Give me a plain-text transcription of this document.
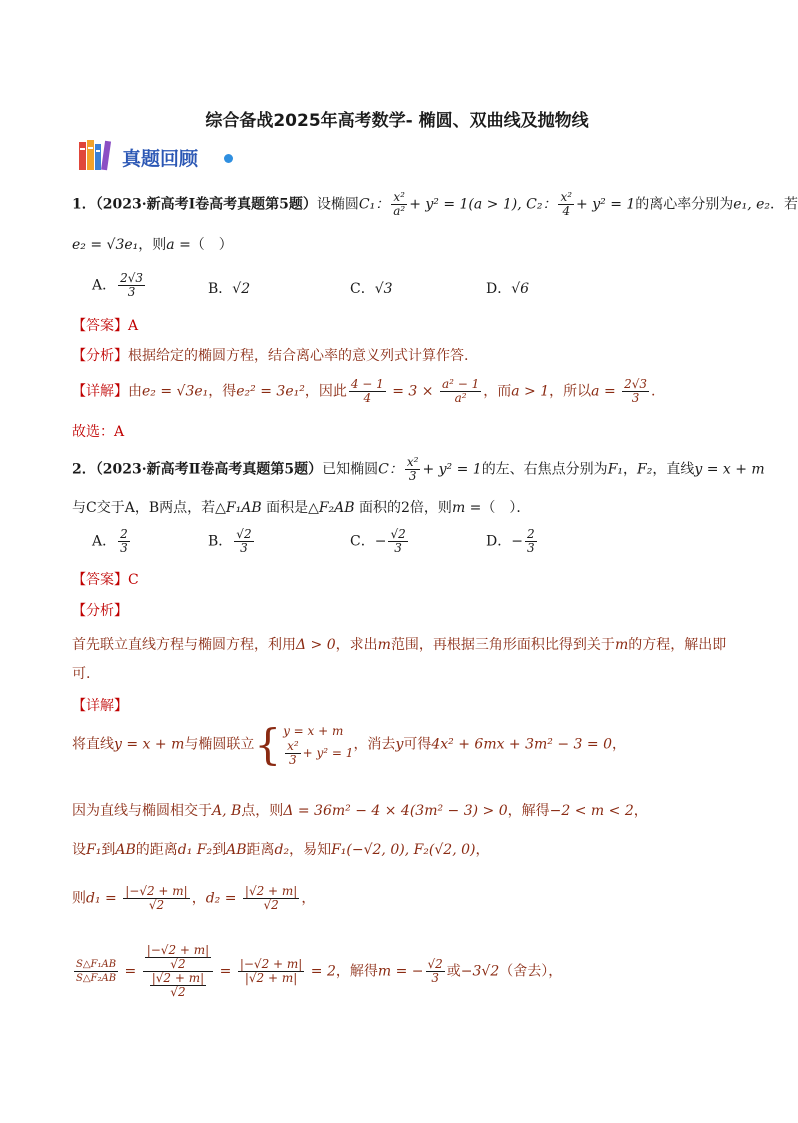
综合备战2025年高考数学- 椭圆、双曲线及抛物线
真题回顾
1．（2023·新高考Ⅰ卷高考真题第5题）设椭圆C₁： $\frac{\text{x²}}{\text{a²}} + y^2 = 1(a > 1)$, C₂： $\frac{\text{x²}}{4} + y^2 = 1$的离心率分别为e₁, e₂．若
e₂ = √3e₁，则a =（　）
A． $\frac{2√3}{3}$	B．√2	C．√3	D．√6
【答案】A
【分析】根据给定的椭圆方程，结合离心率的意义列式计算作答.
【详解】由e₂ = √3e₁，得e₂² = 3e₁²，因此 $\frac{4 - 1}{4} = 3 \times \frac{\text{a² − 1}}{\text{a²}}$ ，而a > 1，所以$a = \frac{2√3}{3}$ .
故选：A
2．（2023·新高考Ⅱ卷高考真题第5题）已知椭圆C： $\frac{\text{x²}}{3} + y^2 = 1$的左、右焦点分别为F₁，F₂，直线y = x + m
与C交于A，B两点，若△F₁AB 面积是△F₂AB 面积的2倍，则m =（　）．
A． $\frac{2}{3}$	B． $\frac{√2}{3}$	C．− $\frac{√2}{3}$	D．− $\frac{2}{3}$
【答案】C
【分析】
首先联立直线方程与椭圆方程，利用Δ > 0，求出m范围，再根据三角形面积比得到关于m的方程，解出即
可.
【详解】
将直线y = x + m与椭圆联立{ y = x + m
$\frac{\text{x²}}{3} + y^2 = 1$
，消去y可得4x² + 6mx + 3m² − 3 = 0，
因为直线与椭圆相交于A, B点，则Δ = 36m² − 4 × 4(3m² − 3) > 0，解得−2 < m < 2，
设F₁到AB的距离d₁ F₂到AB距离d₂，易知F₁(−√2, 0), F₂(√2, 0)，
则$d_1 = \frac{|-√2 + m|}{√2}$ ，$d_2 = \frac{|√2 + m|}{√2}$ ，
$\frac{\text{S△F₁AB}}{\text{S△F₂AB}} = \frac{\frac{|-√2 + m|}{√2}}{\frac{|√2 + m|}{√2}} = \frac{|-√2 + m|}{|√2 + m|} = 2$，解得m = − $\frac{√2}{3}$ 或−3√2（舍去），
